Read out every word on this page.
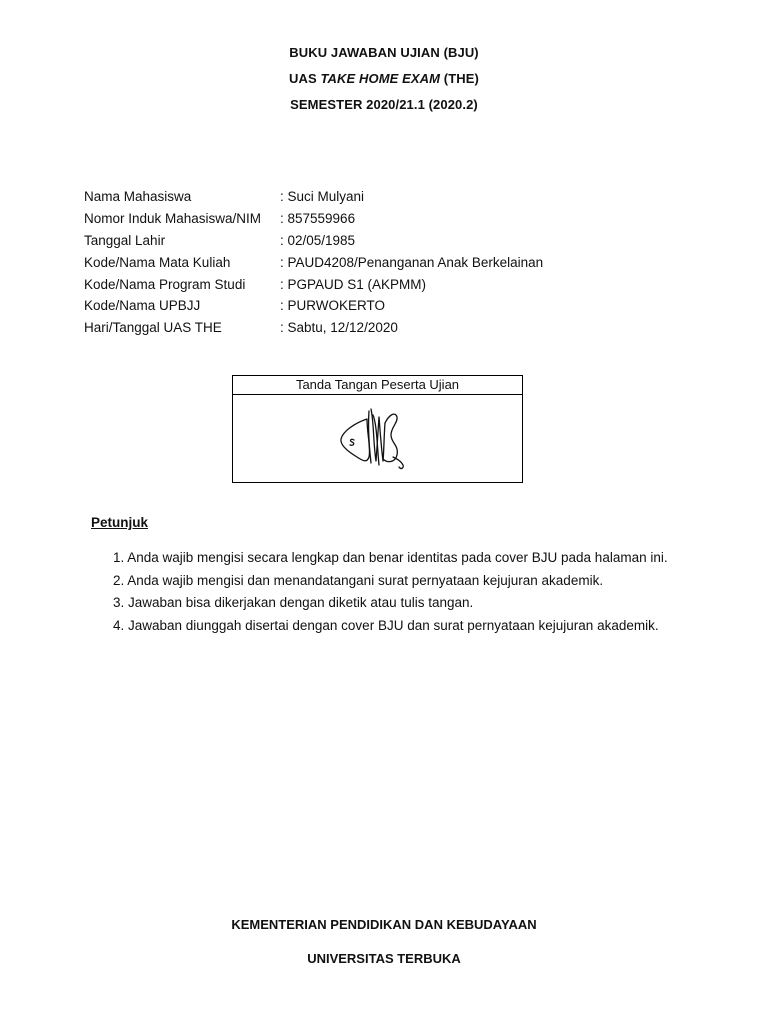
BUKU JAWABAN UJIAN (BJU)
UAS TAKE HOME EXAM (THE)
SEMESTER 2020/21.1 (2020.2)
Nama Mahasiswa	: Suci Mulyani
Nomor Induk Mahasiswa/NIM	: 857559966
Tanggal Lahir	: 02/05/1985
Kode/Nama Mata Kuliah	: PAUD4208/Penanganan Anak Berkelainan
Kode/Nama Program Studi	: PGPAUD S1 (AKPMM)
Kode/Nama UPBJJ	: PURWOKERTO
Hari/Tanggal UAS THE	: Sabtu, 12/12/2020
Tanda Tangan Peserta Ujian
Petunjuk
1. Anda wajib mengisi secara lengkap dan benar identitas pada cover BJU pada halaman ini.
2. Anda wajib mengisi dan menandatangani surat pernyataan kejujuran akademik.
3. Jawaban bisa dikerjakan dengan diketik atau tulis tangan.
4. Jawaban diunggah disertai dengan cover BJU dan surat pernyataan kejujuran akademik.
KEMENTERIAN PENDIDIKAN DAN KEBUDAYAAN
UNIVERSITAS TERBUKA
